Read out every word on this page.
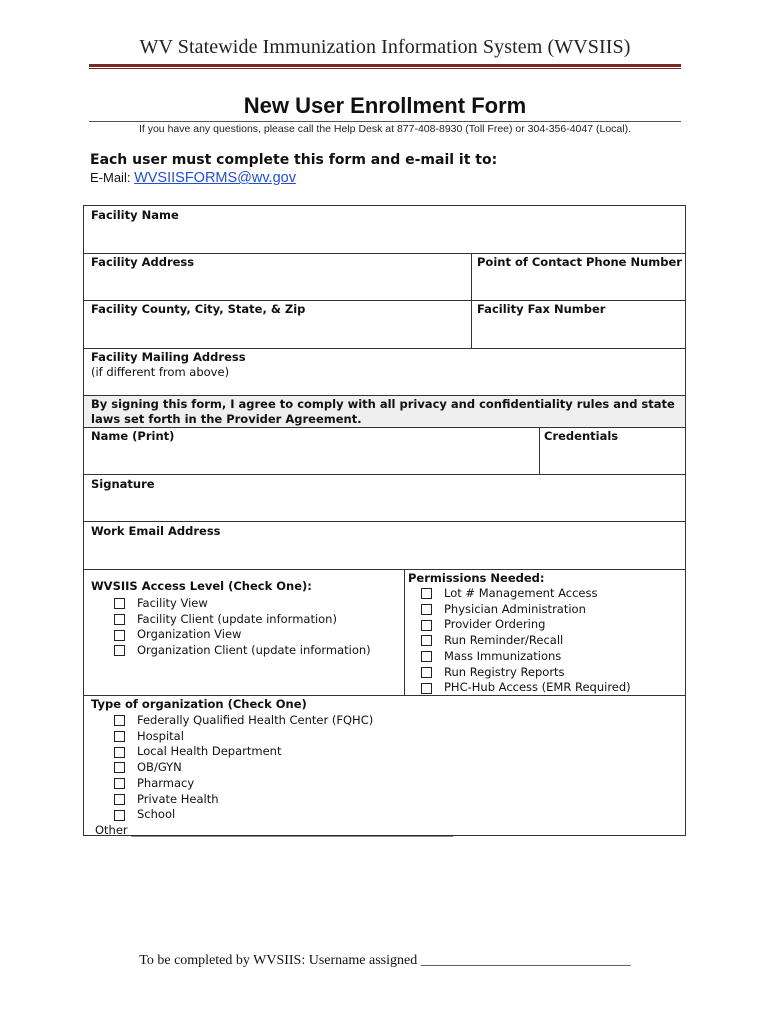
WV Statewide Immunization Information System (WVSIIS)
New User Enrollment Form
If you have any questions, please call the Help Desk at 877-408-8930 (Toll Free) or 304-356-4047 (Local).
Each user must complete this form and e-mail it to:
E-Mail: WVSIISFORMS@wv.gov
Facility Name
Facility Address	Point of Contact Phone Number
Facility County, City, State, & Zip	Facility Fax Number
Facility Mailing Address
(if different from above)
By signing this form, I agree to comply with all privacy and confidentiality rules and state
laws set forth in the Provider Agreement.
Name (Print)	Credentials
Signature
Work Email Address
WVSIIS Access Level (Check One):
Facility View
Facility Client (update information)
Organization View
Organization Client (update information)
Permissions Needed:
Lot # Management Access
Physician Administration
Provider Ordering
Run Reminder/Recall
Mass Immunizations
Run Registry Reports
PHC-Hub Access (EMR Required)
Type of organization (Check One)
Federally Qualified Health Center (FQHC)
Hospital
Local Health Department
OB/GYN
Pharmacy
Private Health
School
Other ________________________________________________________
To be completed by WVSIIS: Username assigned ______________________________
